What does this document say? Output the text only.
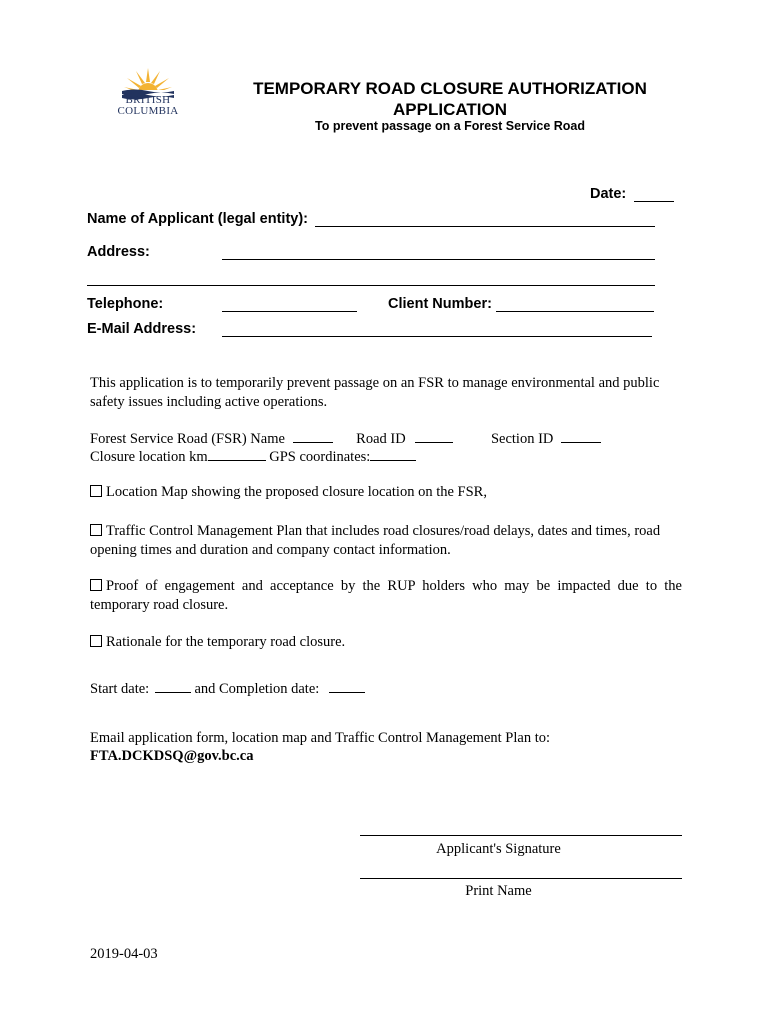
BRITISH
COLUMBIA
TEMPORARY ROAD CLOSURE AUTHORIZATION
APPLICATION
To prevent passage on a Forest Service Road
Date:
Name of Applicant (legal entity):
Address:
Telephone:	Client Number:
E-Mail Address:
This application is to temporarily prevent passage on an FSR to manage environmental and public safety issues including active operations.
Forest Service Road (FSR) Name	Road ID	Section ID
Closure location km	GPS coordinates:
Location Map showing the proposed closure location on the FSR,
Traffic Control Management Plan that includes road closures/road delays, dates and times, road opening times and duration and company contact information.
Proof of engagement and acceptance by the RUP holders who may be impacted due to the temporary road closure.
Rationale for the temporary road closure.
Start date:	and Completion date:
Email application form, location map and Traffic Control Management Plan to:
FTA.DCKDSQ@gov.bc.ca
Applicant's Signature
Print Name
2019-04-03
